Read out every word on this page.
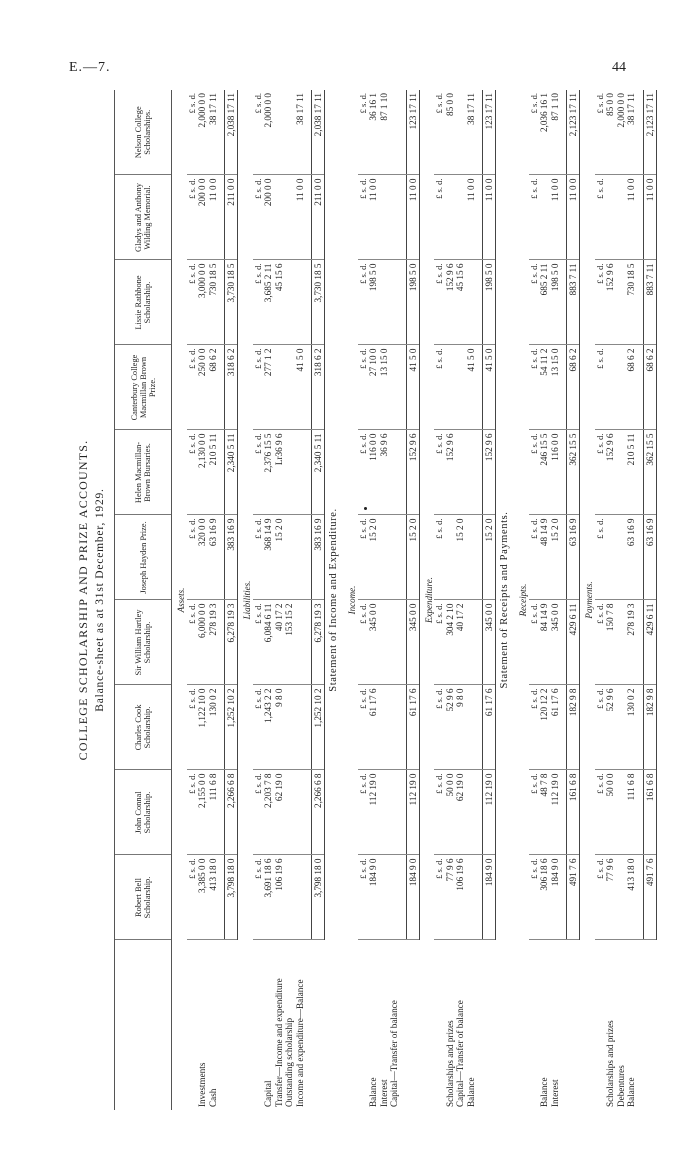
E.—7.	44
COLLEGE SCHOLARSHIP AND PRIZE ACCOUNTS. Balance-sheet as at 31st December, 1929.
	Robert Bell Scholarship.	John Connal Scholarship.	Charles Cook Scholarship.	Sir William Hartley Scholarship.	Joseph Hayden Prize.	Helen Macmillan-Brown Bursaries.	Canterbury College Macmillan Brown Prize.	Lissie Rathbone Scholarship.	Gladys and Anthony Wilding Memorial.	Nelson College Scholarships.
Assets.										
	£ s. d.	£ s. d.	£ s. d.	£ s. d.	£ s. d.	£ s. d.	£ s. d.	£ s. d.	£ s. d.	£ s. d.
Investments	3,385 0 0	2,155 0 0	1,122 10 0	6,000 0 0	320 0 0	2,130 0 0	250 0 0	3,000 0 0	200 0 0	2,000 0 0
Cash	413 18 0	111 6 8	130 0 2	278 19 3	63 16 9	210 5 11	68 6 2	730 18 5	11 0 0	38 17 11

	3,798 18 0	2,266 6 8	1,252 10 2	6,278 19 3	383 16 9	2,340 5 11	318 6 2	3,730 18 5	211 0 0	2,038 17 11
Liabilities.										
	£ s. d.	£ s. d.	£ s. d.	£ s. d.	£ s. d.	£ s. d.	£ s. d.	£ s. d.	£ s. d.	£ s. d.
Capital	3,691 18 6	2,203 7 8	1,243 2 2	6,084 6 11	368 14 9	2,376 15 5	277 1 2	3,685 2 11	200 0 0	2,000 0 0
Transfer—Income and expenditure	106 19 6	62 19 0	9 8 0	40 17 2	15 2 0	Lr36 9 6		45 15 6		
Outstanding scholarship				153 15 2						
Income and expenditure—Balance							41 5 0		11 0 0	38 17 11

	3,798 18 0	2,266 6 8	1,252 10 2	6,278 19 3	383 16 9	2,340 5 11	318 6 2	3,730 18 5	211 0 0	2,038 17 11
Statement of Income and Expenditure.										
Income.										
	£ s. d.	£ s. d.	£ s. d.	£ s. d.	£ s. d.	£ s. d.	£ s. d.	£ s. d.	£ s. d.	£ s. d.
Balance	184 9 0	112 19 0	61 17 6	345 0 0	15 2 0	116 0 0	27 10 0	198 5 0	11 0 0	36 16 1
Interest						36 9 6	13 15 0			87 1 10
Capital—Transfer of balance										

	184 9 0	112 19 0	61 17 6	345 0 0	15 2 0	152 9 6	41 5 0	198 5 0	11 0 0	123 17 11
Expenditure.										
	£ s. d.	£ s. d.	£ s. d.	£ s. d.	£ s. d.	£ s. d.	£ s. d.	£ s. d.	£ s. d.	£ s. d.
Scholarships and prizes	77 9 6	50 0 0	52 9 6	304 2 10		152 9 6		152 9 6		85 0 0
Capital—Transfer of balance	106 19 6	62 19 0	9 8 0	40 17 2	15 2 0			45 15 6		
Balance							41 5 0		11 0 0	38 17 11

	184 9 0	112 19 0	61 17 6	345 0 0	15 2 0	152 9 6	41 5 0	198 5 0	11 0 0	123 17 11
Statement of Receipts and Payments.										
Receipts.										
	£ s. d.	£ s. d.	£ s. d.	£ s. d.	£ s. d.	£ s. d.	£ s. d.	£ s. d.	£ s. d.	£ s. d.
Balance	306 18 6	48 7 8	120 12 2	84 14 9	48 14 9	246 15 5	54 11 2	685 2 11		2,036 16 1
Interest	184 9 0	112 19 0	61 17 6	345 0 0	15 2 0	116 0 0	13 15 0	198 5 0	11 0 0	87 1 10

	491 7 6	161 6 8	182 9 8	429 6 11	63 16 9	362 15 5	68 6 2	883 7 11	11 0 0	2,123 17 11
Payments.										
	£ s. d.	£ s. d.	£ s. d.	£ s. d.	£ s. d.	£ s. d.	£ s. d.	£ s. d.	£ s. d.	£ s. d.
Scholarships and prizes	77 9 6	50 0 0	52 9 6	150 7 8		152 9 6		152 9 6		85 0 0
Debentures										2,000 0 0
Balance	413 18 0	111 6 8	130 0 2	278 19 3	63 16 9	210 5 11	68 6 2	730 18 5	11 0 0	38 17 11

	491 7 6	161 6 8	182 9 8	429 6 11	63 16 9	362 15 5	68 6 2	883 7 11	11 0 0	2,123 17 11
